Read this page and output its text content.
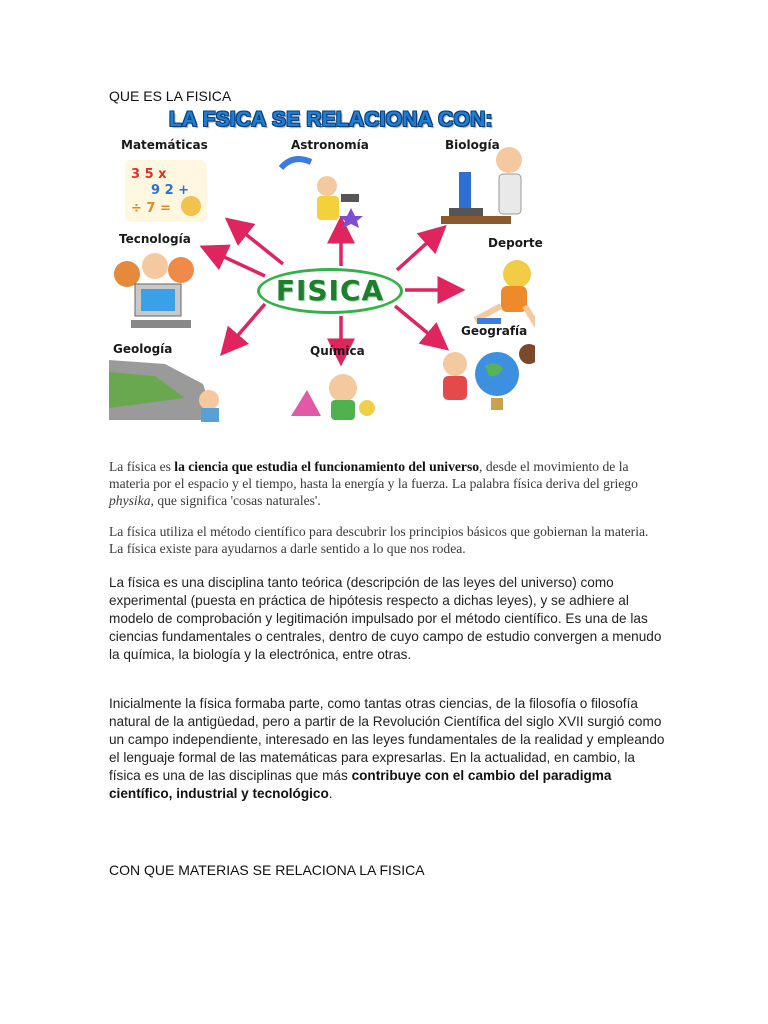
QUE ES LA FISICA
3 5 x
9 2 +
÷ 7 =
LA FSICA SE RELACIONA CON:
Matemáticas	Astronomía	Biología
Tecnología	Deporte
Geología	Química
Geografía
FISICA
La física es la ciencia que estudia el funcionamiento del universo, desde el movimiento de la materia por el espacio y el tiempo, hasta la energía y la fuerza. La palabra física deriva del griego physika, que significa 'cosas naturales'.
La física utiliza el método científico para descubrir los principios básicos que gobiernan la materia. La física existe para ayudarnos a darle sentido a lo que nos rodea.
La física es una disciplina tanto teórica (descripción de las leyes del universo) como experimental (puesta en práctica de hipótesis respecto a dichas leyes), y se adhiere al modelo de comprobación y legitimación impulsado por el método científico. Es una de las ciencias fundamentales o centrales, dentro de cuyo campo de estudio convergen a menudo la química, la biología y la electrónica, entre otras.
Inicialmente la física formaba parte, como tantas otras ciencias, de la filosofía o filosofía natural de la antigüedad, pero a partir de la Revolución Científica del siglo XVII surgió como un campo independiente, interesado en las leyes fundamentales de la realidad y empleando el lenguaje formal de las matemáticas para expresarlas. En la actualidad, en cambio, la física es una de las disciplinas que más contribuye con el cambio del paradigma científico, industrial y tecnológico.
CON QUE MATERIAS SE RELACIONA LA FISICA
